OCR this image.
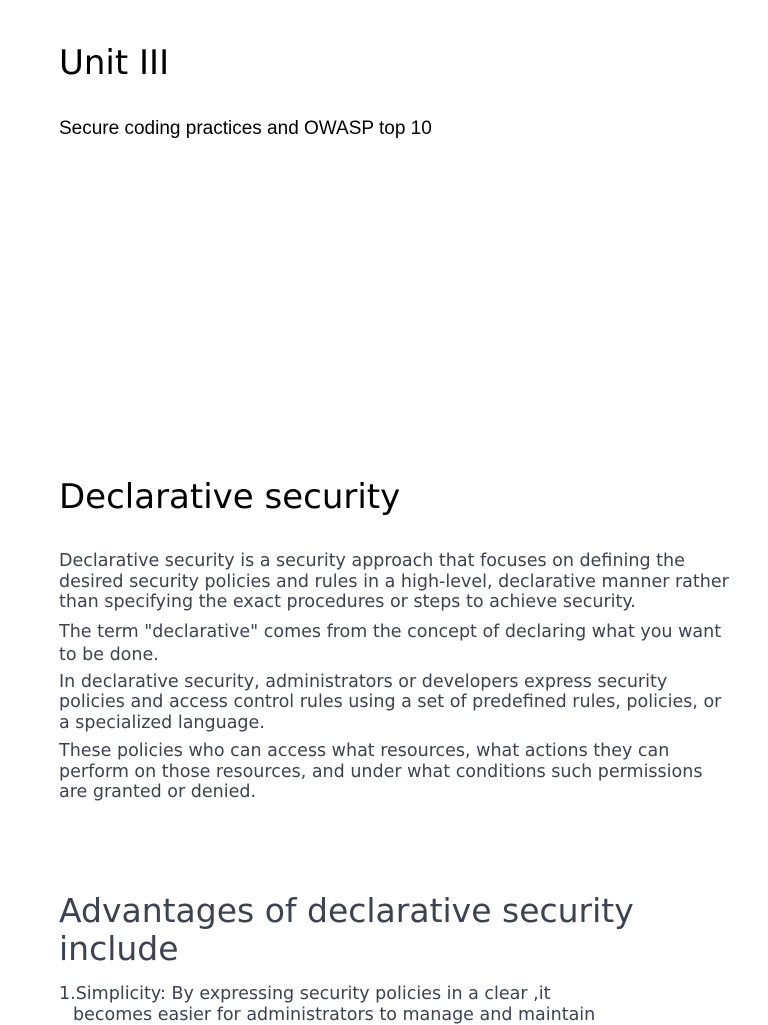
Unit III

Secure coding practices and OWASP top 10

Declarative security

Declarative security is a security approach that focuses on defining the desired security policies and rules in a high-level, declarative manner rather than specifying the exact procedures or steps to achieve security.

The term "declarative" comes from the concept of declaring what you want to be done.

In declarative security, administrators or developers express security policies and access control rules using a set of predefined rules, policies, or a specialized language.

These policies who can access what resources, what actions they can perform on those resources, and under what conditions such permissions are granted or denied.

Advantages of declarative security include
1.Simplicity: By expressing security policies in a clear ,it
becomes easier for administrators to manage and maintain
